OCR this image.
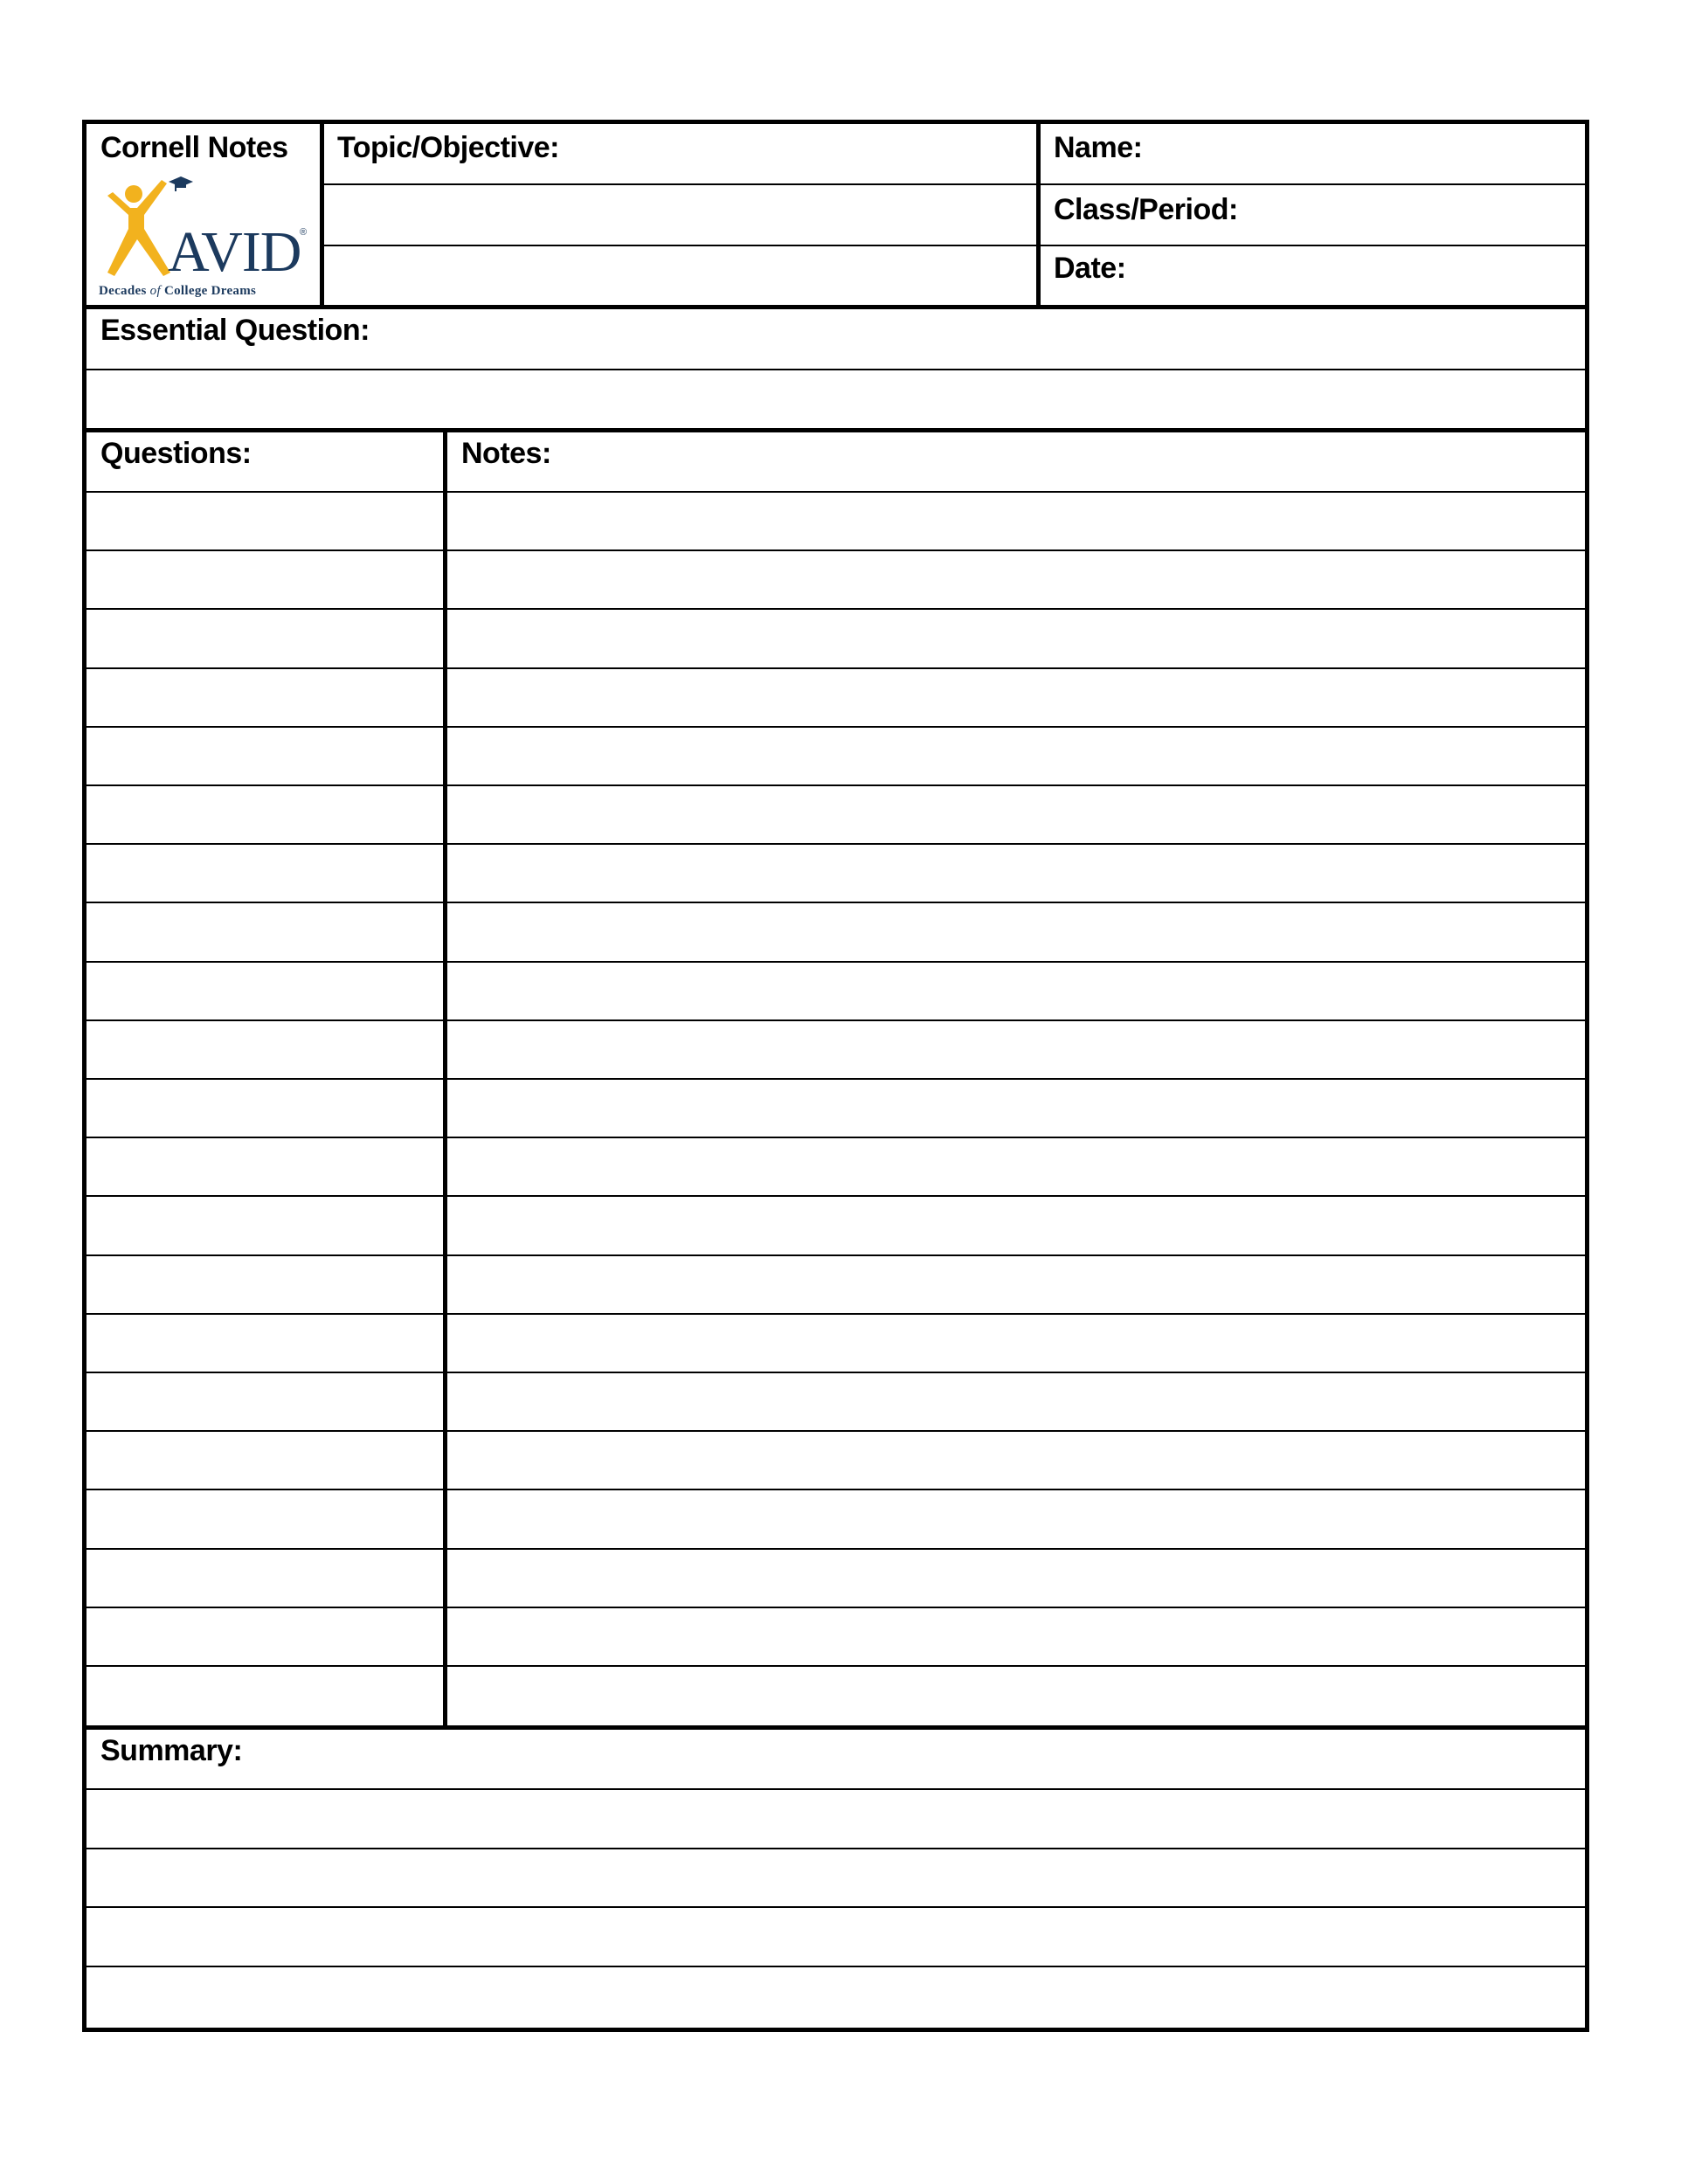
Cornell Notes
AVID
®
Decades of College Dreams
Topic/Objective:	Name:
Class/Period:
Date:
Essential Question:
Questions:	Notes:
Summary:
